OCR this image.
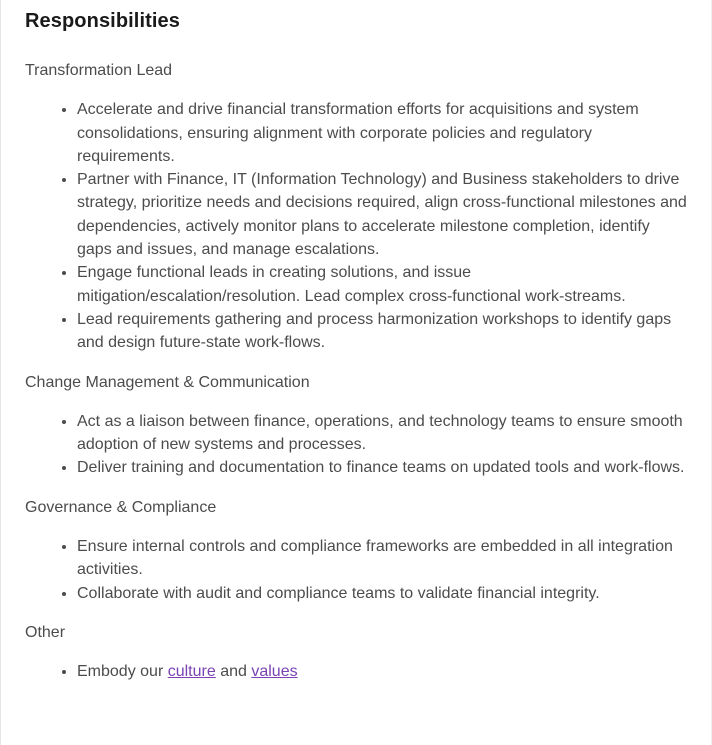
Responsibilities

Transformation Lead

• Accelerate and drive financial transformation efforts for acquisitions and system consolidations, ensuring alignment with corporate policies and regulatory requirements.
• Partner with Finance, IT (Information Technology) and Business stakeholders to drive strategy, prioritize needs and decisions required, align cross-functional milestones and dependencies, actively monitor plans to accelerate milestone completion, identify gaps and issues, and manage escalations.
• Engage functional leads in creating solutions, and issue mitigation/escalation/resolution. Lead complex cross-functional work-streams.
• Lead requirements gathering and process harmonization workshops to identify gaps and design future-state work-flows.

Change Management & Communication

• Act as a liaison between finance, operations, and technology teams to ensure smooth adoption of new systems and processes.
• Deliver training and documentation to finance teams on updated tools and work-flows.

Governance & Compliance

• Ensure internal controls and compliance frameworks are embedded in all integration activities.
• Collaborate with audit and compliance teams to validate financial integrity.

Other

• Embody our culture and values
